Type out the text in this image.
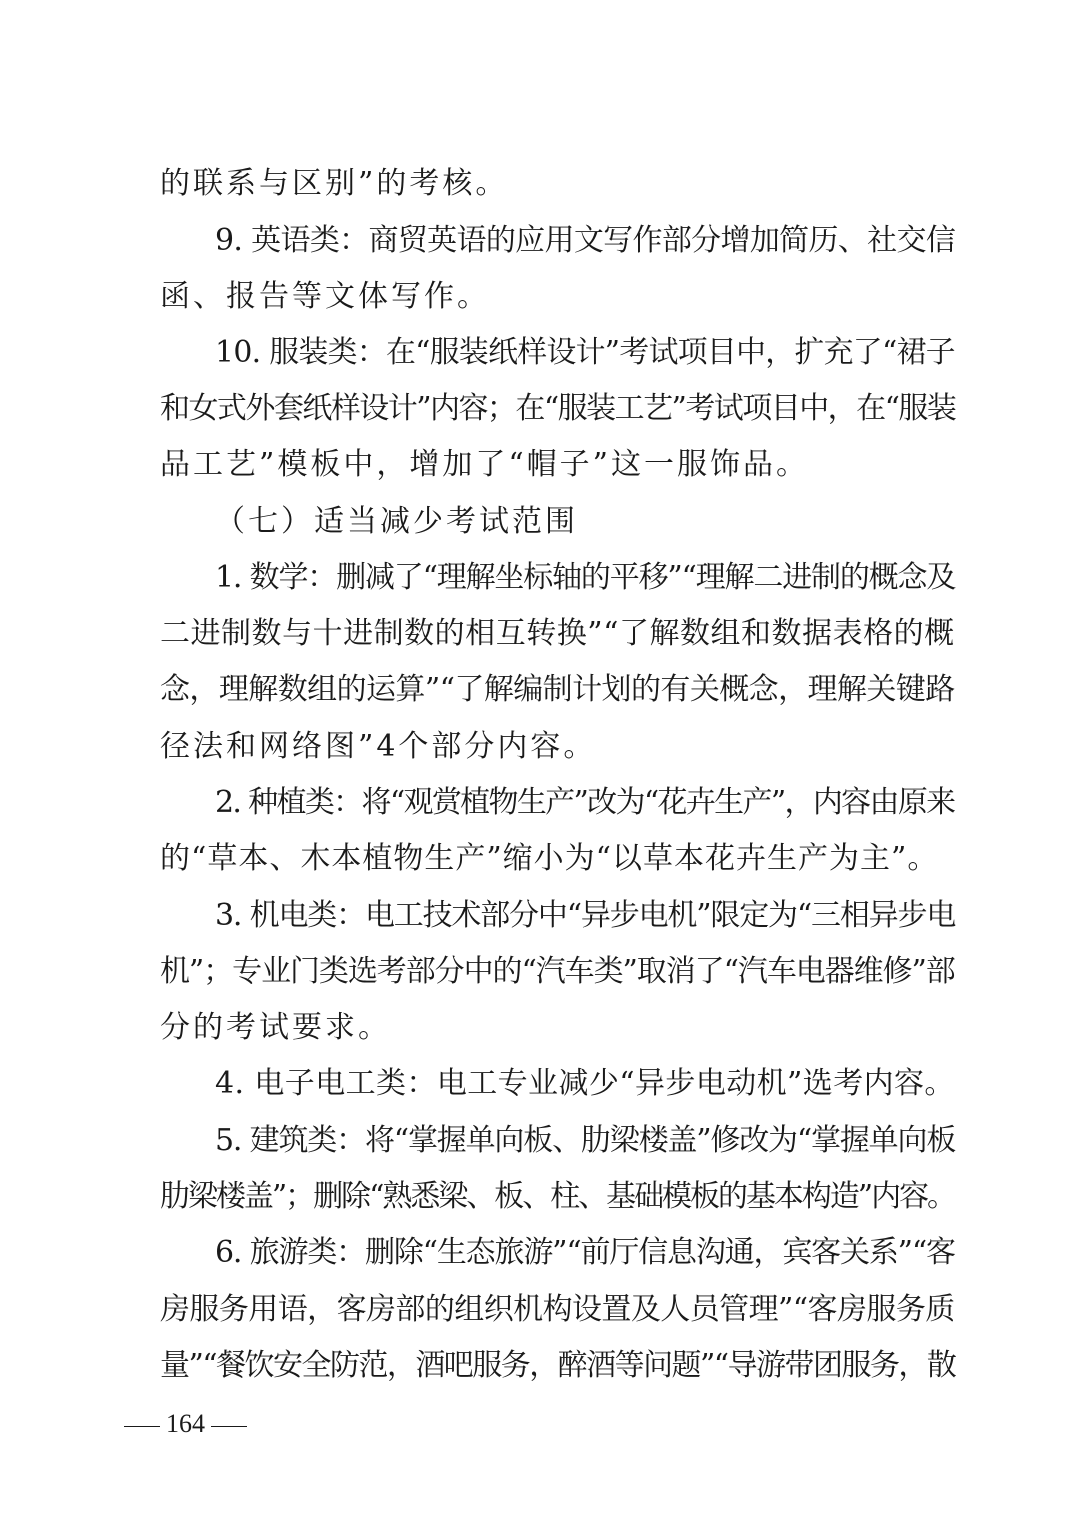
的联系与区别”的考核。
9. 英语类：商贸英语的应用文写作部分增加简历、社交信
函、报告等文体写作。
10. 服装类：在“服装纸样设计”考试项目中，扩充了“裙子
和女式外套纸样设计”内容；在“服装工艺”考试项目中，在“服装
品工艺”模板中，增加了“帽子”这一服饰品。
（七）适当减少考试范围
1. 数学：删减了“理解坐标轴的平移”“理解二进制的概念及
二进制数与十进制数的相互转换”“了解数组和数据表格的概
念，理解数组的运算”“了解编制计划的有关概念，理解关键路
径法和网络图”4个部分内容。
2. 种植类：将“观赏植物生产”改为“花卉生产”，内容由原来
的“草本、木本植物生产”缩小为“以草本花卉生产为主”。
3. 机电类：电工技术部分中“异步电机”限定为“三相异步电
机”；专业门类选考部分中的“汽车类”取消了“汽车电器维修”部
分的考试要求。
4. 电子电工类：电工专业减少“异步电动机”选考内容。
5. 建筑类：将“掌握单向板、肋梁楼盖”修改为“掌握单向板
肋梁楼盖”；删除“熟悉梁、板、柱、基础模板的基本构造”内容。
6. 旅游类：删除“生态旅游”“前厅信息沟通，宾客关系”“客
房服务用语，客房部的组织机构设置及人员管理”“客房服务质
量”“餐饮安全防范，酒吧服务，醉酒等问题”“导游带团服务，散
164
